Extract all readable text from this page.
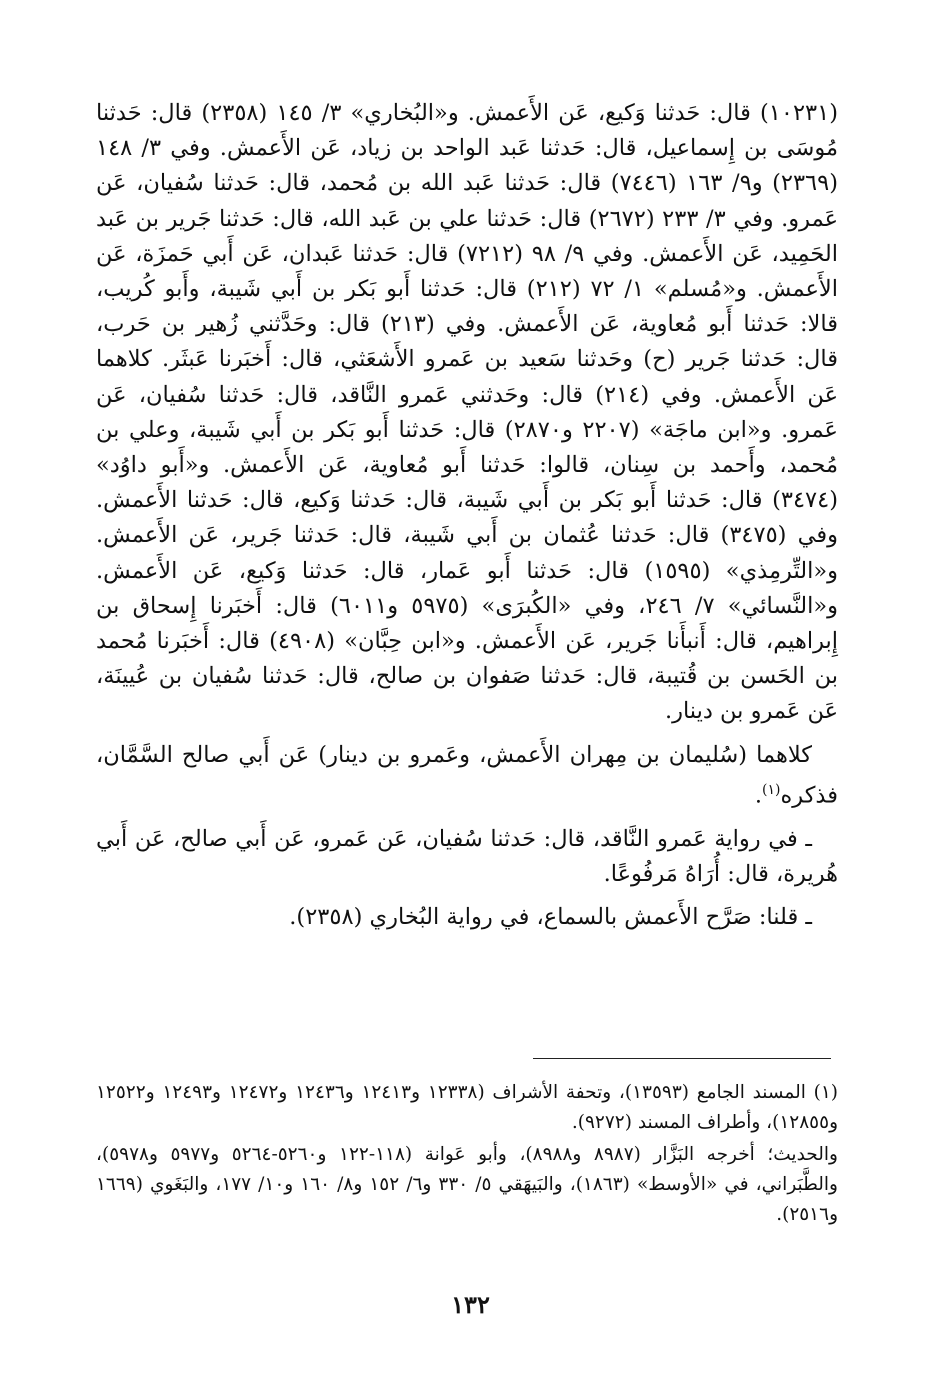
(١٠٢٣١) قال: حَدثنا وَكيع، عَن الأَعمش. و«البُخاري» ٣/ ١٤٥ (٢٣٥٨) قال: حَدثنا مُوسَى بن إِسماعيل، قال: حَدثنا عَبد الواحد بن زياد، عَن الأَعمش. وفي ٣/ ١٤٨ (٢٣٦٩) و٩/ ١٦٣ (٧٤٤٦) قال: حَدثنا عَبد الله بن مُحمد، قال: حَدثنا سُفيان، عَن عَمرو. وفي ٣/ ٢٣٣ (٢٦٧٢) قال: حَدثنا علي بن عَبد الله، قال: حَدثنا جَرير بن عَبد الحَمِيد، عَن الأَعمش. وفي ٩/ ٩٨ (٧٢١٢) قال: حَدثنا عَبدان، عَن أَبي حَمزَة، عَن الأَعمش. و«مُسلم» ١/ ٧٢ (٢١٢) قال: حَدثنا أَبو بَكر بن أَبي شَيبة، وأَبو كُريب، قالا: حَدثنا أَبو مُعاوية، عَن الأَعمش. وفي (٢١٣) قال: وحَدَّثني زُهير بن حَرب، قال: حَدثنا جَرير (ح) وحَدثنا سَعيد بن عَمرو الأَشعَثي، قال: أَخبَرنا عَبثَر. كلاهما عَن الأَعمش. وفي (٢١٤) قال: وحَدثني عَمرو النَّاقد، قال: حَدثنا سُفيان، عَن عَمرو. و«ابن ماجَة» (٢٢٠٧ و٢٨٧٠) قال: حَدثنا أَبو بَكر بن أَبي شَيبة، وعلي بن مُحمد، وأَحمد بن سِنان، قالوا: حَدثنا أَبو مُعاوية، عَن الأَعمش. و«أَبو داوُد» (٣٤٧٤) قال: حَدثنا أَبو بَكر بن أَبي شَيبة، قال: حَدثنا وَكيع، قال: حَدثنا الأَعمش. وفي (٣٤٧٥) قال: حَدثنا عُثمان بن أَبي شَيبة، قال: حَدثنا جَرير، عَن الأَعمش. و«التِّرمِذي» (١٥٩٥) قال: حَدثنا أَبو عَمار، قال: حَدثنا وَكيع، عَن الأَعمش. و«النَّسائي» ٧/ ٢٤٦، وفي «الكُبرَى» (٥٩٧٥ و٦٠١١) قال: أَخبَرنا إِسحاق بن إِبراهيم، قال: أَنبأَنا جَرير، عَن الأَعمش. و«ابن حِبَّان» (٤٩٠٨) قال: أَخبَرنا مُحمد بن الحَسن بن قُتيبة، قال: حَدثنا صَفوان بن صالح، قال: حَدثنا سُفيان بن عُيينَة، عَن عَمرو بن دينار.

كلاهما (سُليمان بن مِهران الأَعمش، وعَمرو بن دينار) عَن أَبي صالح السَّمَّان، فذكره$^{(١)}$.

ـ في رواية عَمرو النَّاقد، قال: حَدثنا سُفيان، عَن عَمرو، عَن أَبي صالح، عَن أَبي هُريرة، قال: أُرَاهُ مَرفُوعًا.

ـ قلنا: صَرَّح الأَعمش بالسماع، في رواية البُخاري (٢٣٥٨).

(١) المسند الجامع (١٣٥٩٣)، وتحفة الأشراف (١٢٣٣٨ و١٢٤١٣ و١٢٤٣٦ و١٢٤٧٢ و١٢٤٩٣ و١٢٥٢٢ و١٢٨٥٥)، وأطراف المسند (٩٢٧٢).

والحديث؛ أخرجه البَزَّار (٨٩٨٧ و٨٩٨٨)، وأبو عَوانة (١١٨-١٢٢ و٥٢٦٠-٥٢٦٤ و٥٩٧٧ و٥٩٧٨)، والطَّبَراني، في «الأوسط» (١٨٦٣)، والبَيهَقي ٥/ ٣٣٠ و٦/ ١٥٢ و٨/ ١٦٠ و١٠/ ١٧٧، والبَغَوي (١٦٦٩ و٢٥١٦).

١٣٢
